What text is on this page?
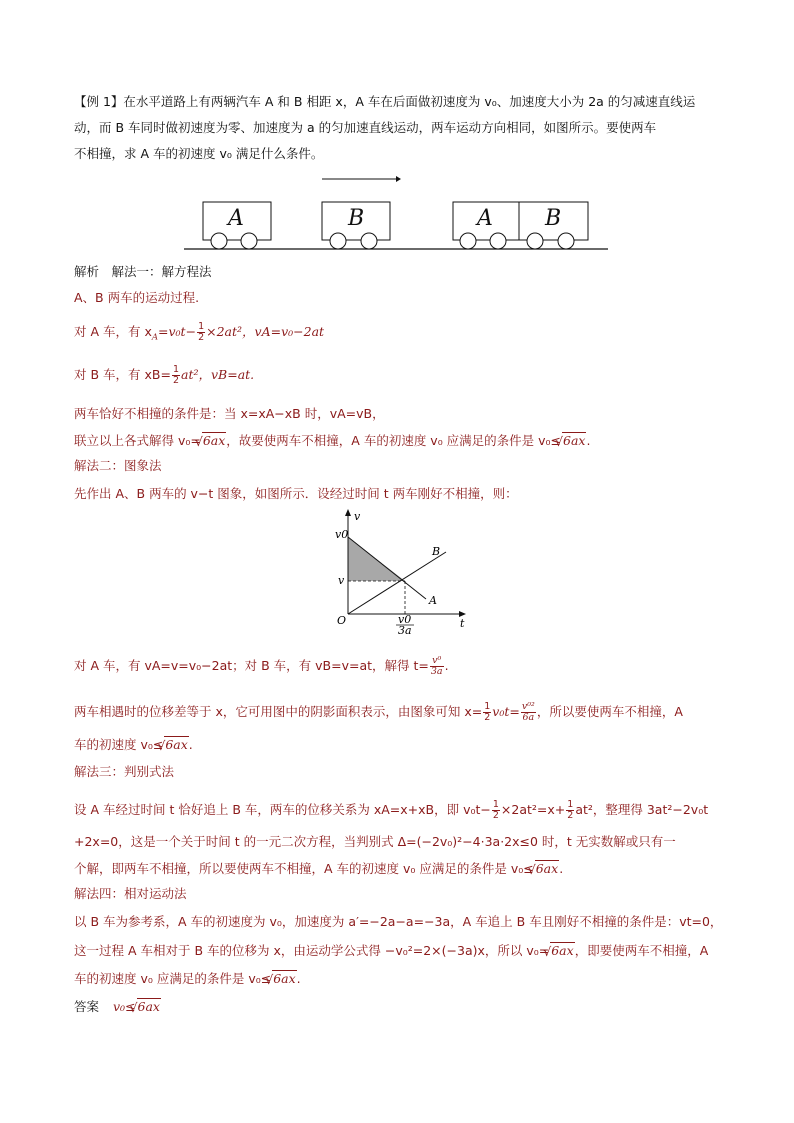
【例 1】在水平道路上有两辆汽车 A 和 B 相距 x，A 车在后面做初速度为 v₀、加速度大小为 2a 的匀减速直线运
动，而 B 车同时做初速度为零、加速度为 a 的匀加速直线运动，两车运动方向相同，如图所示。要使两车
不相撞，求 A 车的初速度 v₀ 满足什么条件。
A	B	A B
解析　解法一：解方程法
A、B 两车的运动过程.
对 A 车，有 $x_A=v_0t- \frac{1}{2} \times 2at^2$，vA=v₀−2at
对 B 车，有 $xB= \frac{1}{2} at^2$，vB=at.
两车恰好不相撞的条件是：当 x=xA−xB 时，vA=vB，
联立以上各式解得 v₀= √ 6ax，故要使两车不相撞，A 车的初速度 v₀ 应满足的条件是 v₀≤ √ 6ax.
解法二：图象法
先作出 A、B 两车的 v−t 图象，如图所示．设经过时间 t 两车刚好不相撞，则：
v
t
v0
v
O
A
B
v0
3a
对 A 车，有 vA=v=v₀−2at；对 B 车，有 vB=v=at，解得 $t= \frac{\text{v⁰}}{3a}$ .
两车相遇时的位移差等于 x，它可用图中的阴影面积表示，由图象可知 $x= \frac{1}{2} v_0t= \frac{\text{v⁰²}}{6a}$ ，所以要使两车不相撞，A
车的初速度 v₀≤ √ 6ax.
解法三：判别式法
设 A 车经过时间 t 恰好追上 B 车，两车的位移关系为 xA=x+xB，即 $v_0t- \frac{1}{2} \times 2at^2=x+ \frac{1}{2} at^2$，整理得 3at²−2v₀t
+2x=0，这是一个关于时间 t 的一元二次方程，当判别式 Δ=(−2v₀)²−4·3a·2x≤0 时，t 无实数解或只有一
个解，即两车不相撞，所以要使两车不相撞，A 车的初速度 v₀ 应满足的条件是 v₀≤ √ 6ax.
解法四：相对运动法
以 B 车为参考系，A 车的初速度为 v₀，加速度为 a′=−2a−a=−3a，A 车追上 B 车且刚好不相撞的条件是：vt=0，
这一过程 A 车相对于 B 车的位移为 x，由运动学公式得 −v₀²=2×(−3a)x，所以 v₀= √ 6ax，即要使两车不相撞，A
车的初速度 v₀ 应满足的条件是 v₀≤ √ 6ax.
答案 v₀≤ √ 6ax
